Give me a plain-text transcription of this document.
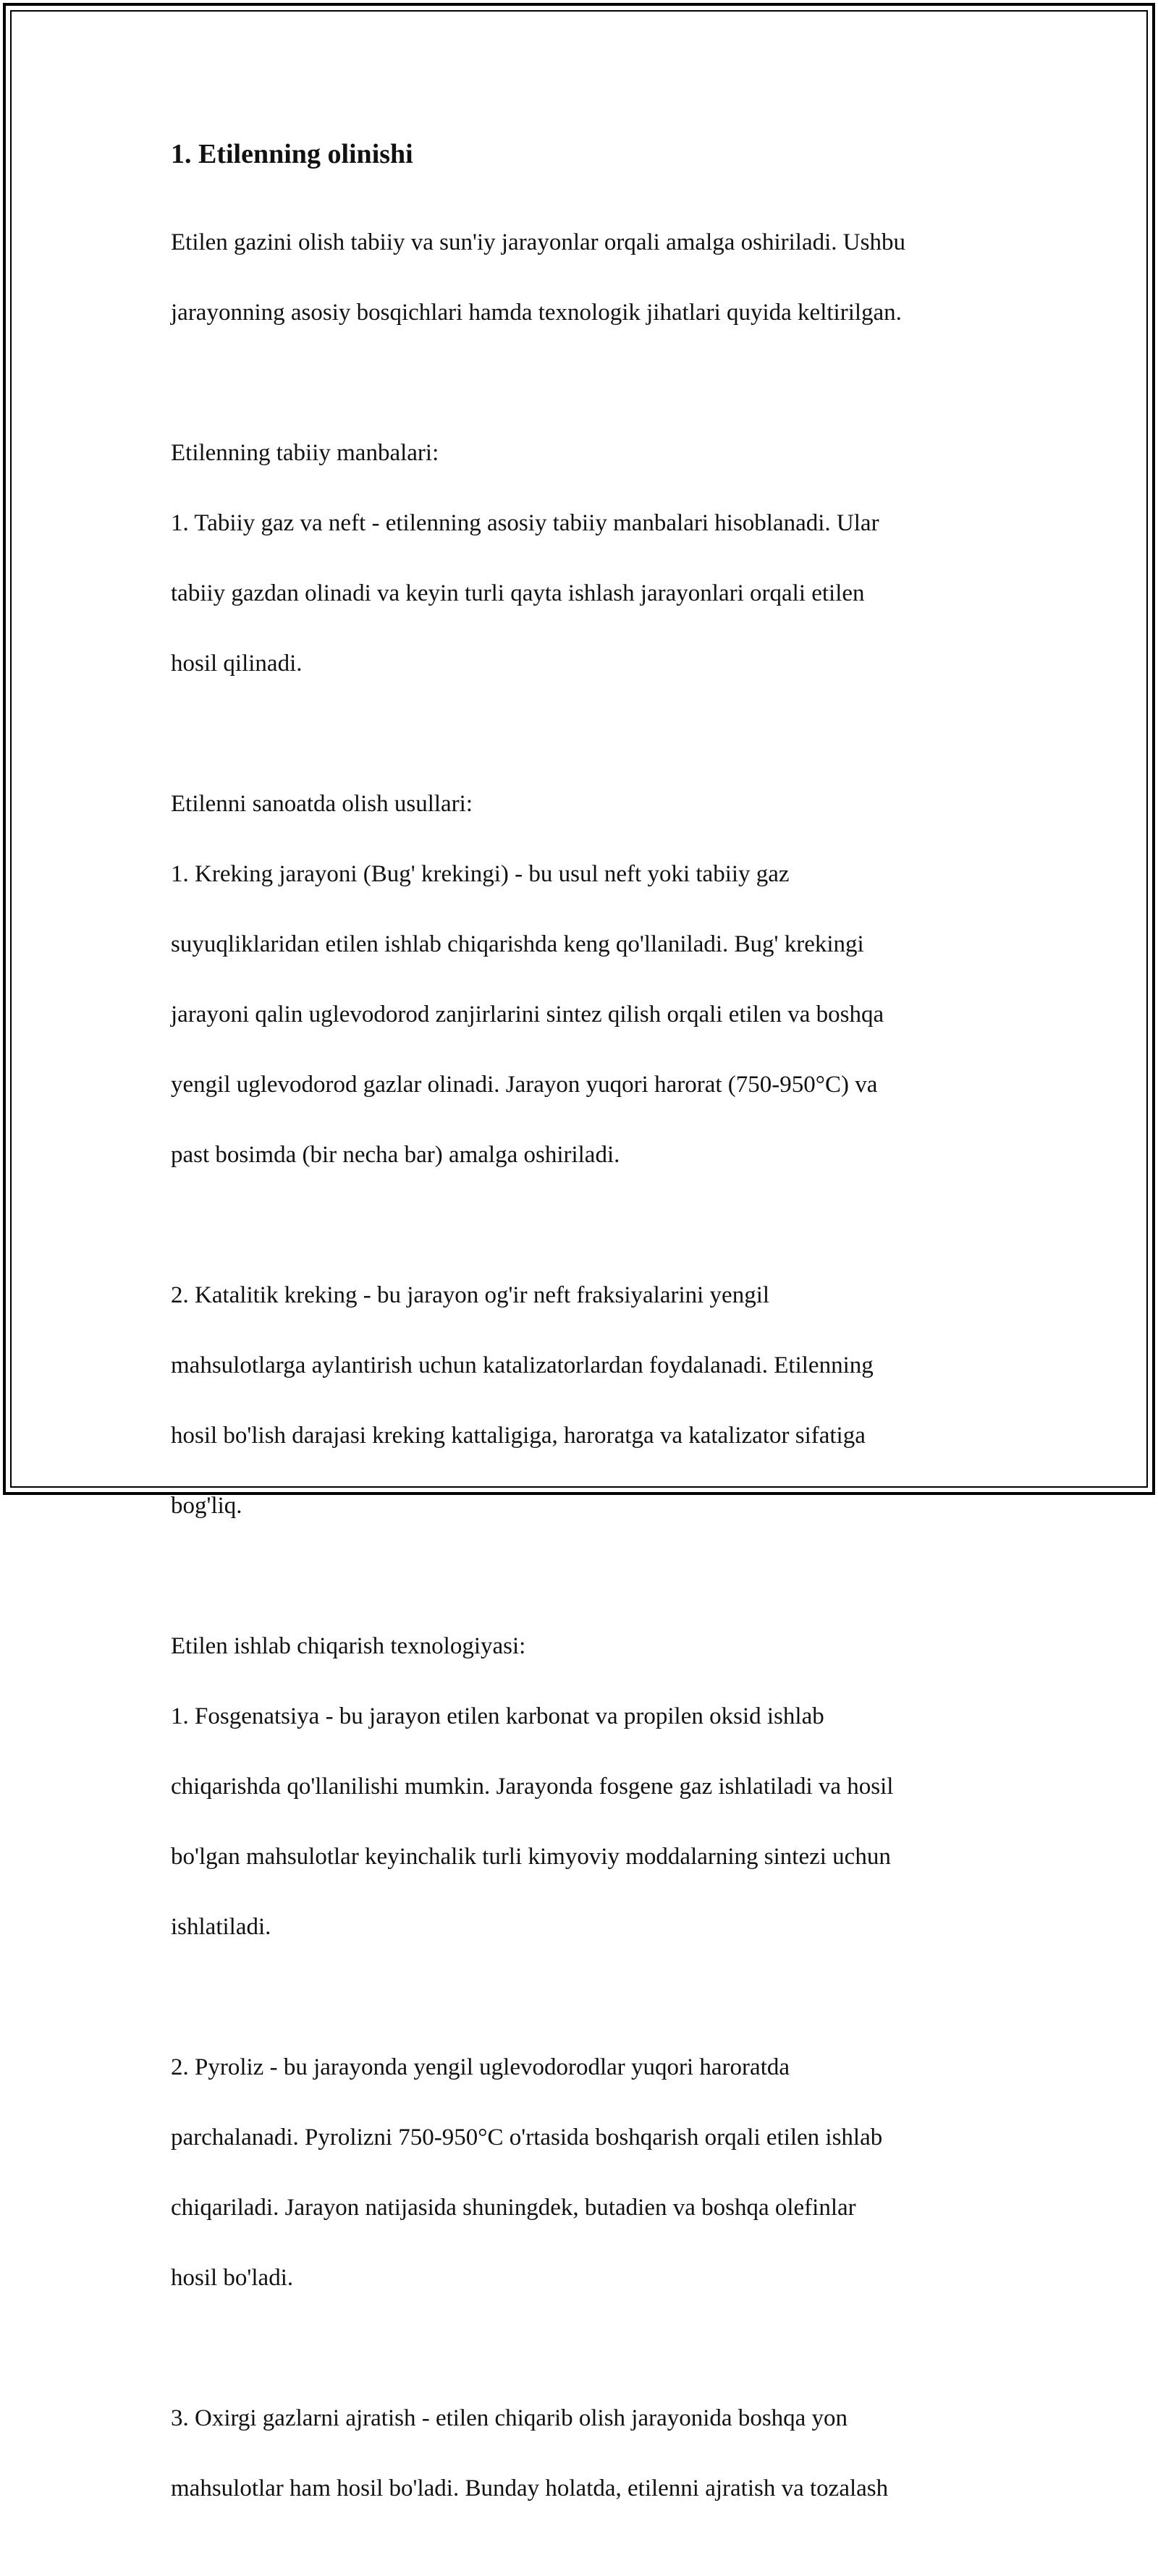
1. Etilenning olinishi

Etilen gazini olish tabiiy va sun'iy jarayonlar orqali amalga oshiriladi. Ushbu

jarayonning asosiy bosqichlari hamda texnologik jihatlari quyida keltirilgan.

Etilenning tabiiy manbalari:

1. Tabiiy gaz va neft - etilenning asosiy tabiiy manbalari hisoblanadi. Ular

tabiiy gazdan olinadi va keyin turli qayta ishlash jarayonlari orqali etilen

hosil qilinadi.

Etilenni sanoatda olish usullari:

1. Kreking jarayoni (Bug' krekingi) - bu usul neft yoki tabiiy gaz

suyuqliklaridan etilen ishlab chiqarishda keng qo'llaniladi. Bug' krekingi

jarayoni qalin uglevodorod zanjirlarini sintez qilish orqali etilen va boshqa

yengil uglevodorod gazlar olinadi. Jarayon yuqori harorat (750-950°C) va

past bosimda (bir necha bar) amalga oshiriladi.

2. Katalitik kreking - bu jarayon og'ir neft fraksiyalarini yengil

mahsulotlarga aylantirish uchun katalizatorlardan foydalanadi. Etilenning

hosil bo'lish darajasi kreking kattaligiga, haroratga va katalizator sifatiga

bog'liq.

Etilen ishlab chiqarish texnologiyasi:

1. Fosgenatsiya - bu jarayon etilen karbonat va propilen oksid ishlab

chiqarishda qo'llanilishi mumkin. Jarayonda fosgene gaz ishlatiladi va hosil

bo'lgan mahsulotlar keyinchalik turli kimyoviy moddalarning sintezi uchun

ishlatiladi.

2. Pyroliz - bu jarayonda yengil uglevodorodlar yuqori haroratda

parchalanadi. Pyrolizni 750-950°C o'rtasida boshqarish orqali etilen ishlab

chiqariladi. Jarayon natijasida shuningdek, butadien va boshqa olefinlar

hosil bo'ladi.

3. Oxirgi gazlarni ajratish - etilen chiqarib olish jarayonida boshqa yon

mahsulotlar ham hosil bo'ladi. Bunday holatda, etilenni ajratish va tozalash
